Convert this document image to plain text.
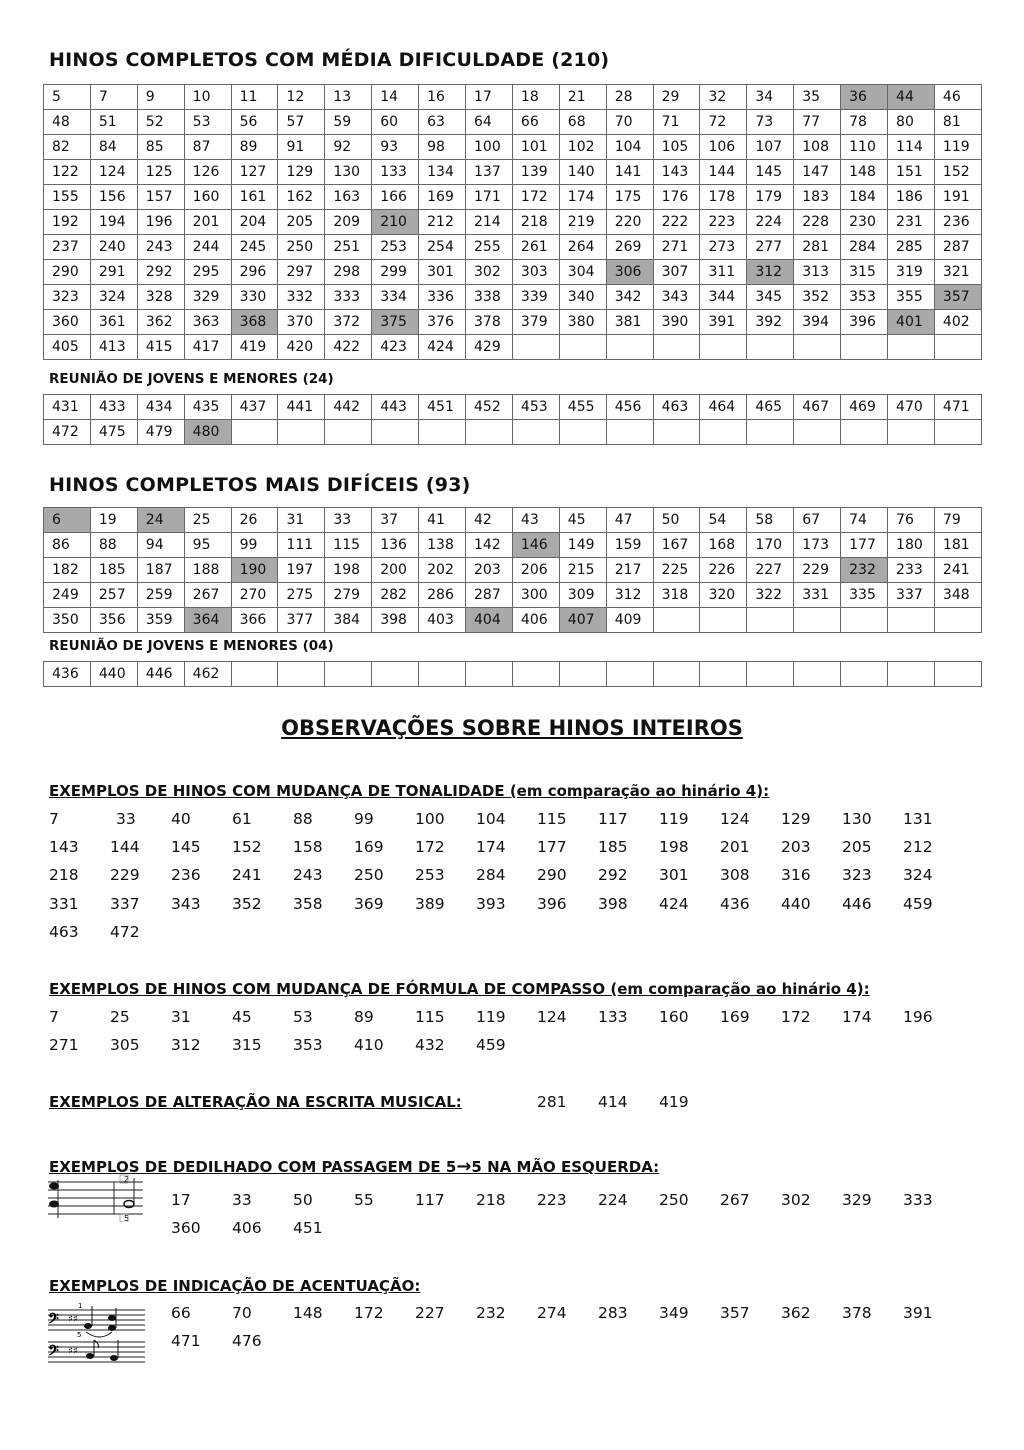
HINOS COMPLETOS COM MÉDIA DIFICULDADE (210)
5	7	9	10	11	12	13	14	16	17	18	21	28	29	32	34	35	36	44	46
48	51	52	53	56	57	59	60	63	64	66	68	70	71	72	73	77	78	80	81
82	84	85	87	89	91	92	93	98	100	101	102	104	105	106	107	108	110	114	119
122	124	125	126	127	129	130	133	134	137	139	140	141	143	144	145	147	148	151	152
155	156	157	160	161	162	163	166	169	171	172	174	175	176	178	179	183	184	186	191
192	194	196	201	204	205	209	210	212	214	218	219	220	222	223	224	228	230	231	236
237	240	243	244	245	250	251	253	254	255	261	264	269	271	273	277	281	284	285	287
290	291	292	295	296	297	298	299	301	302	303	304	306	307	311	312	313	315	319	321
323	324	328	329	330	332	333	334	336	338	339	340	342	343	344	345	352	353	355	357
360	361	362	363	368	370	372	375	376	378	379	380	381	390	391	392	394	396	401	402
405	413	415	417	419	420	422	423	424	429										
REUNIÃO DE JOVENS E MENORES (24)
431	433	434	435	437	441	442	443	451	452	453	455	456	463	464	465	467	469	470	471
472	475	479	480																
HINOS COMPLETOS MAIS DIFÍCEIS (93)
6	19	24	25	26	31	33	37	41	42	43	45	47	50	54	58	67	74	76	79
86	88	94	95	99	111	115	136	138	142	146	149	159	167	168	170	173	177	180	181
182	185	187	188	190	197	198	200	202	203	206	215	217	225	226	227	229	232	233	241
249	257	259	267	270	275	279	282	286	287	300	309	312	318	320	322	331	335	337	348
350	356	359	364	366	377	384	398	403	404	406	407	409							
REUNIÃO DE JOVENS E MENORES (04)
436	440	446	462																
OBSERVAÇÕES SOBRE HINOS INTEIROS
EXEMPLOS DE HINOS COM MUDANÇA DE TONALIDADE (em comparação ao hinário 4):
7	33 40	61	88	99	100 104 115 117 119 124 129 130 131
143 144 145 152 158 169 172 174 177 185 198 201 203 205 212
218 229 236 241 243 250 253 284 290 292 301 308 316 323 324
331 337 343 352 358 369 389 393 396 398 424 436 440 446 459
463 472
EXEMPLOS DE HINOS COM MUDANÇA DE FÓRMULA DE COMPASSO (em comparação ao hinário 4):
7	25	31	45	53	89	115 119 124 133 160 169 172 174 196
271 305 312 315 353 410 432 459
EXEMPLOS DE ALTERAÇÃO NA ESCRITA MUSICAL:	281 414 419
EXEMPLOS DE DEDILHADO COM PASSAGEM DE 5→5 NA MÃO ESQUERDA:
2
5
17	33	50	55	117 218 223 224 250 267 302 329 333
360 406 451
EXEMPLOS DE INDICAÇÃO DE ACENTUAÇÃO:
𝄢
𝄢
♯♯
♯♯
1
5
66	70	148 172 227 232 274 283 349 357 362 378 391
471 476
